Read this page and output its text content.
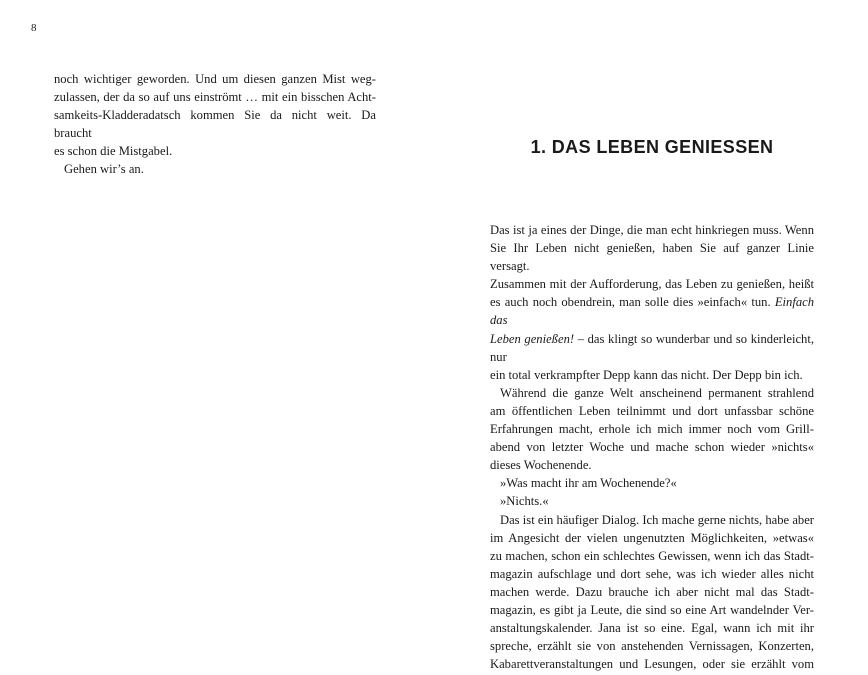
8
noch wichtiger geworden. Und um diesen ganzen Mist weg-
zulassen, der da so auf uns einströmt … mit ein bisschen Acht-
samkeits-Kladderadatsch kommen Sie da nicht weit. Da braucht
es schon die Mistgabel.
Gehen wir’s an.
1. DAS LEBEN GENIESSEN
Das ist ja eines der Dinge, die man echt hinkriegen muss. Wenn
Sie Ihr Leben nicht genießen, haben Sie auf ganzer Linie versagt.
Zusammen mit der Aufforderung, das Leben zu genießen, heißt
es auch noch obendrein, man solle dies »einfach« tun. Einfach das
Leben genießen! – das klingt so wunderbar und so kinderleicht, nur
ein total verkrampfter Depp kann das nicht. Der Depp bin ich.
Während die ganze Welt anscheinend permanent strahlend
am öffentlichen Leben teilnimmt und dort unfassbar schöne
Erfahrungen macht, erhole ich mich immer noch vom Grill-
abend von letzter Woche und mache schon wieder »nichts«
dieses Wochenende.
»Was macht ihr am Wochenende?«
»Nichts.«
Das ist ein häufiger Dialog. Ich mache gerne nichts, habe aber
im Angesicht der vielen ungenutzten Möglichkeiten, »etwas«
zu machen, schon ein schlechtes Gewissen, wenn ich das Stadt-
magazin aufschlage und dort sehe, was ich wieder alles nicht
machen werde. Dazu brauche ich aber nicht mal das Stadt-
magazin, es gibt ja Leute, die sind so eine Art wandelnder Ver-
anstaltungskalender. Jana ist so eine. Egal, wann ich mit ihr
spreche, erzählt sie von anstehenden Vernissagen, Konzerten,
Kabarettveranstaltungen und Lesungen, oder sie erzählt vom
